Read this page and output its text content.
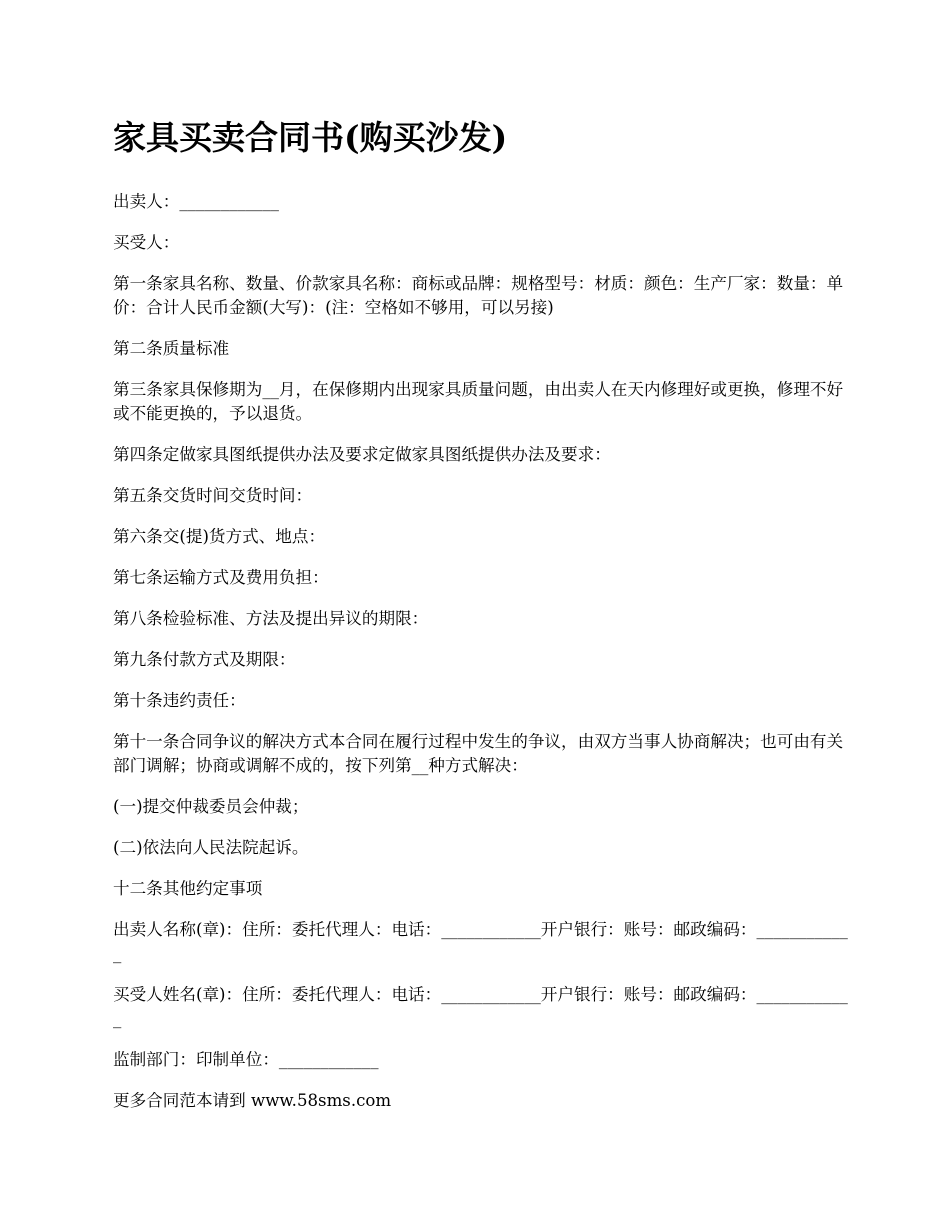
家具买卖合同书(购买沙发)

出卖人：____________

买受人：

第一条家具名称、数量、价款家具名称：商标或品牌：规格型号：材质：颜色：生产厂家：数量：单价：合计人民币金额(大写)：(注：空格如不够用，可以另接)

第二条质量标准

第三条家具保修期为__月，在保修期内出现家具质量问题，由出卖人在天内修理好或更换，修理不好或不能更换的，予以退货。

第四条定做家具图纸提供办法及要求定做家具图纸提供办法及要求：

第五条交货时间交货时间：

第六条交(提)货方式、地点：

第七条运输方式及费用负担：

第八条检验标准、方法及提出异议的期限：

第九条付款方式及期限：

第十条违约责任：

第十一条合同争议的解决方式本合同在履行过程中发生的争议，由双方当事人协商解决；也可由有关部门调解；协商或调解不成的，按下列第__种方式解决：

(一)提交仲裁委员会仲裁；

(二)依法向人民法院起诉。

十二条其他约定事项

出卖人名称(章)：住所：委托代理人：电话：____________开户银行：账号：邮政编码：____________

买受人姓名(章)：住所：委托代理人：电话：____________开户银行：账号：邮政编码：____________

监制部门：印制单位：____________

更多合同范本请到 www.58sms.com
